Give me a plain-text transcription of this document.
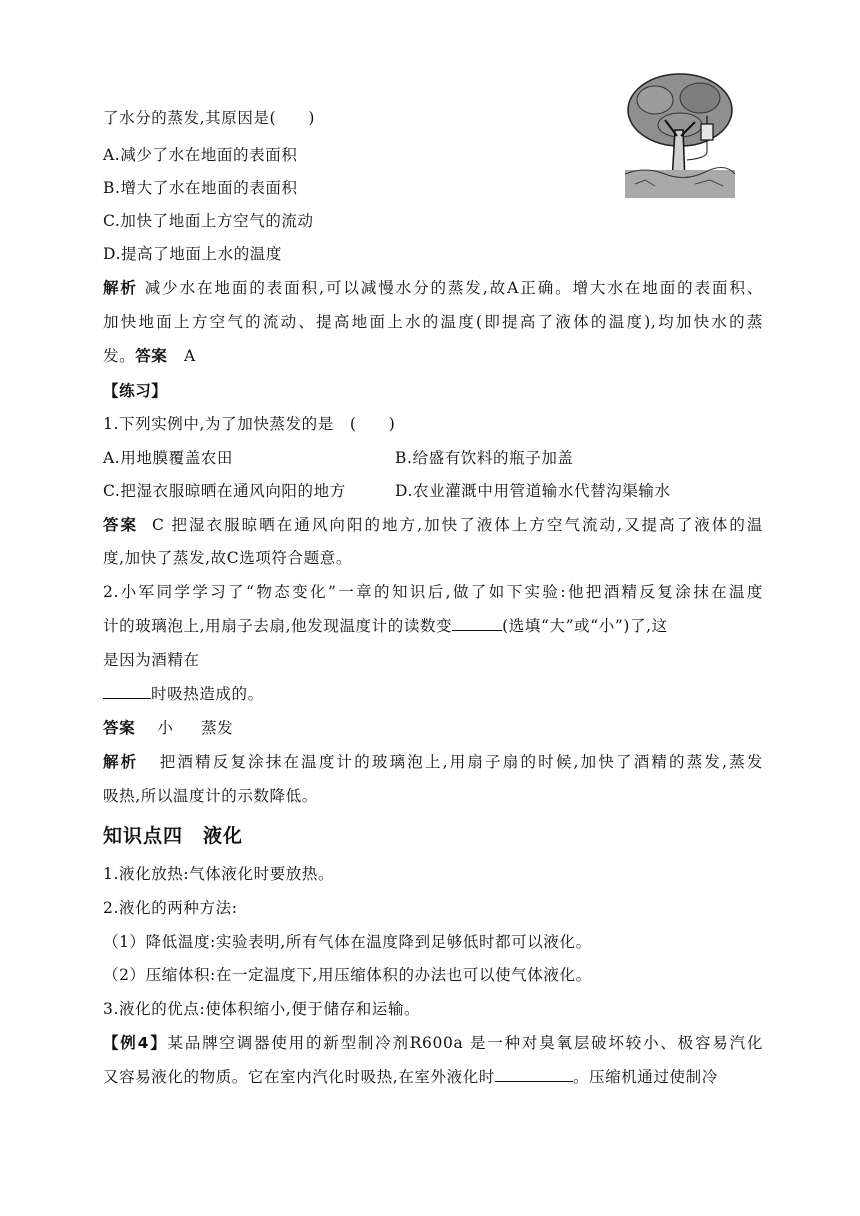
了水分的蒸发,其原因是(　　)
A.减少了水在地面的表面积
B.增大了水在地面的表面积
C.加快了地面上方空气的流动
D.提高了地面上水的温度
解析 减少水在地面的表面积,可以减慢水分的蒸发,故A正确。增大水在地面的表面积、
加快地面上方空气的流动、提高地面上水的温度(即提高了液体的温度),均加快水的蒸
发。答案 A
【练习】
1.下列实例中,为了加快蒸发的是　(　　)
A.用地膜覆盖农田	B.给盛有饮料的瓶子加盖
C.把湿衣服晾晒在通风向阳的地方	D.农业灌溉中用管道输水代替沟渠输水
答案 C 把湿衣服晾晒在通风向阳的地方,加快了液体上方空气流动,又提高了液体的温
度,加快了蒸发,故C选项符合题意。
2.小军同学学习了“物态变化”一章的知识后,做了如下实验:他把酒精反复涂抹在温度
计的玻璃泡上,用扇子去扇,他发现温度计的读数变	(选填“大”或“小”)了,这
是因为酒精在
时吸热造成的。
答案 小 蒸发
解析 把酒精反复涂抹在温度计的玻璃泡上,用扇子扇的时候,加快了酒精的蒸发,蒸发
吸热,所以温度计的示数降低。
知识点四　液化
1.液化放热:气体液化时要放热。
2.液化的两种方法:
（1）降低温度:实验表明,所有气体在温度降到足够低时都可以液化。
（2）压缩体积:在一定温度下,用压缩体积的办法也可以使气体液化。
3.液化的优点:使体积缩小,便于储存和运输。
【例4】某品牌空调器使用的新型制冷剂R600a 是一种对臭氧层破坏较小、极容易汽化
又容易液化的物质。它在室内汽化时吸热,在室外液化时	。压缩机通过使制冷
